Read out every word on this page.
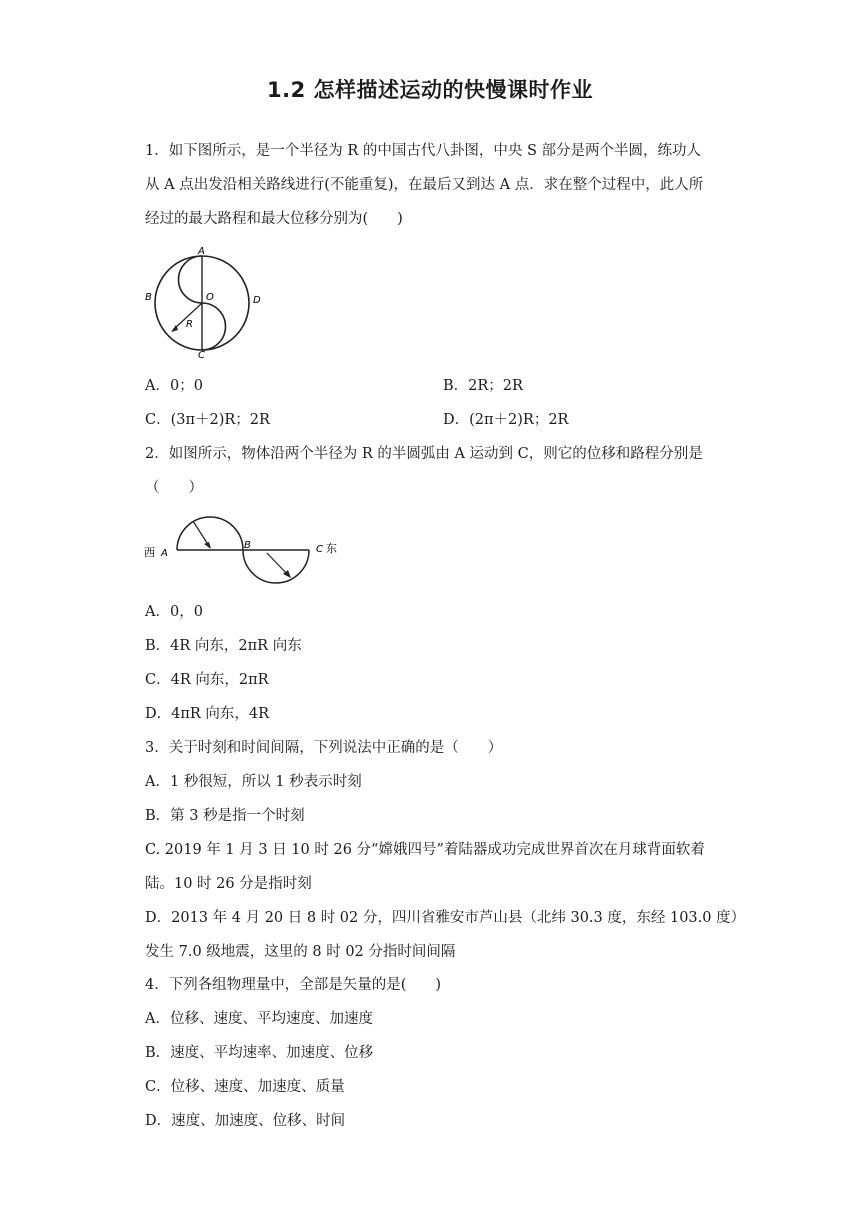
1.2 怎样描述运动的快慢课时作业
1．如下图所示，是一个半径为 R 的中国古代八卦图，中央 S 部分是两个半圆，练功人
从 A 点出发沿相关路线进行(不能重复)，在最后又到达 A 点．求在整个过程中，此人所
经过的最大路程和最大位移分别为(　　)
A
B
C
D
O
R
A．0；0	B．2R；2R
C．(3π＋2)R；2R	D．(2π＋2)R；2R
2．如图所示，物体沿两个半径为 R 的半圆弧由 A 运动到 C，则它的位移和路程分别是
（　　）
西 A
B	C 东
A．0，0
B．4R 向东，2πR 向东
C．4R 向东，2πR
D．4πR 向东，4R
3．关于时刻和时间间隔，下列说法中正确的是（　　）
A．1 秒很短，所以 1 秒表示时刻
B．第 3 秒是指一个时刻
C. 2019 年 1 月 3 日 10 时 26 分“嫦娥四号”着陆器成功完成世界首次在月球背面软着
陆。10 时 26 分是指时刻
D．2013 年 4 月 20 日 8 时 02 分，四川省雅安市芦山县（北纬 30.3 度，东经 103.0 度）
发生 7.0 级地震，这里的 8 时 02 分指时间间隔
4．下列各组物理量中，全部是矢量的是(　　)
A．位移、速度、平均速度、加速度
B．速度、平均速率、加速度、位移
C．位移、速度、加速度、质量
D．速度、加速度、位移、时间
